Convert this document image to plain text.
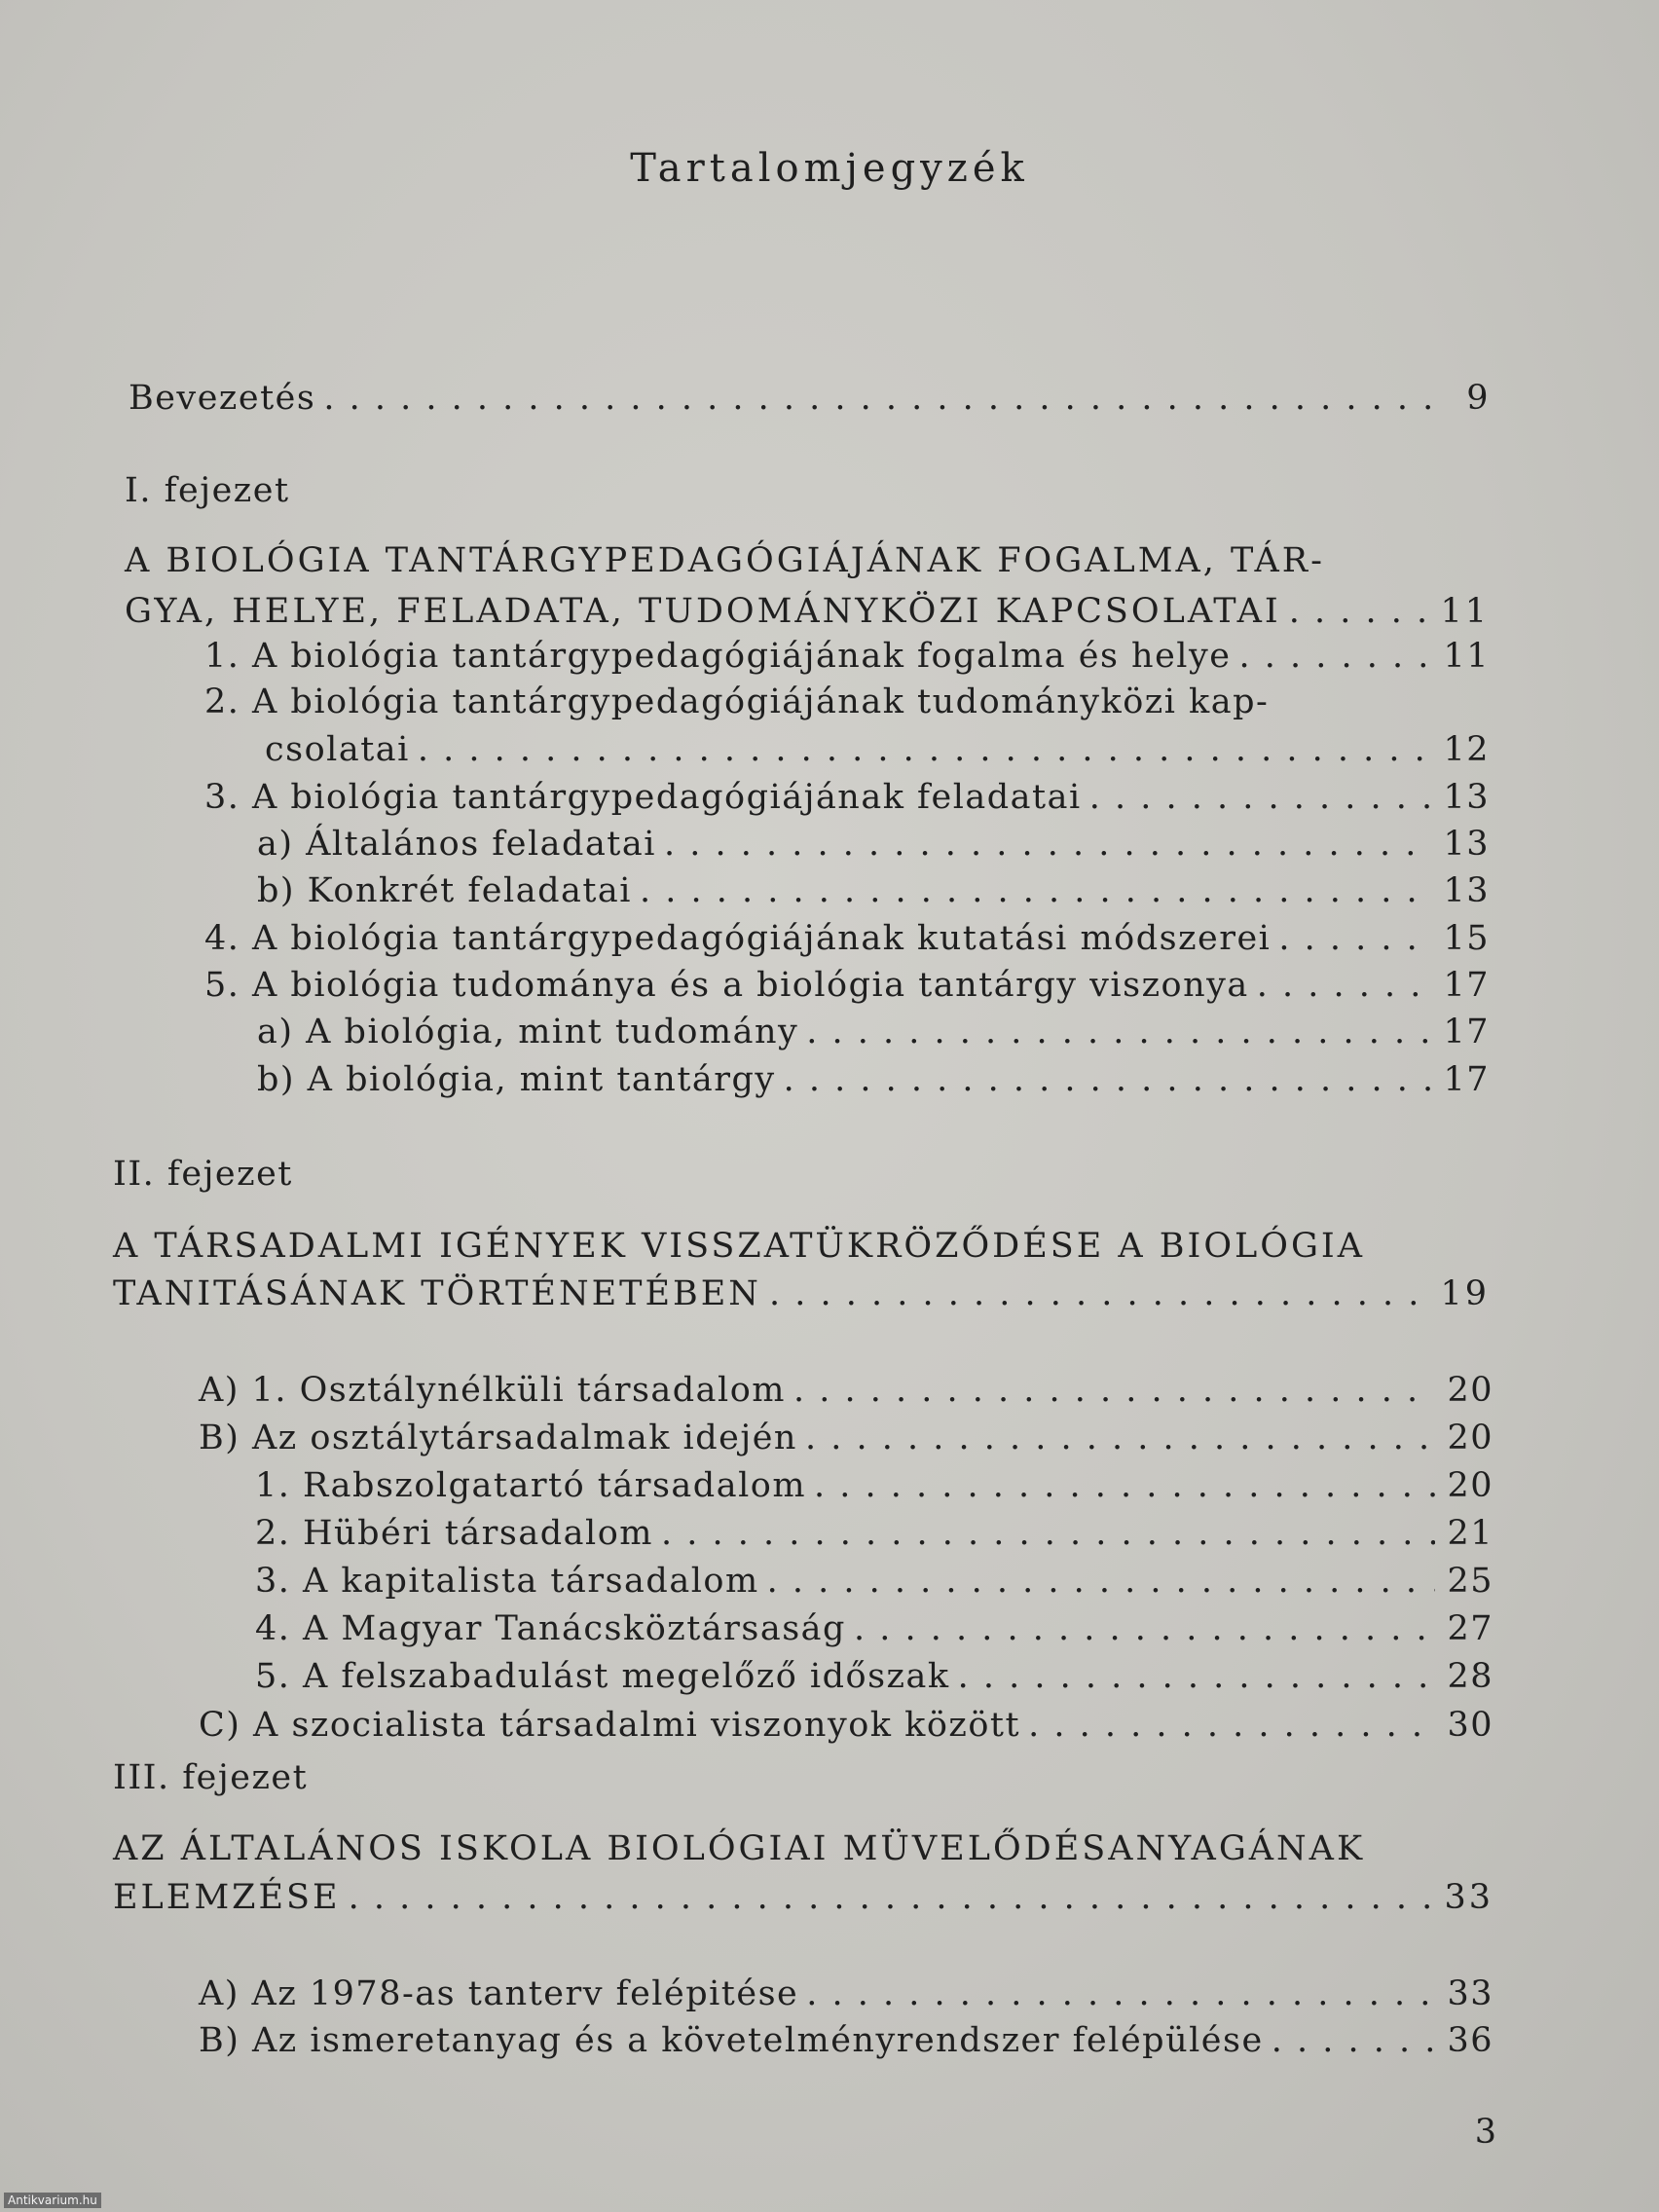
Tartalomjegyzék
Bevezetés . . .	9
I. fejezet
A BIOLÓGIA TANTÁRGYPEDAGÓGIÁJÁNAK FOGALMA, TÁR-
GYA, HELYE, FELADATA, TUDOMÁNYKÖZI KAPCSOLATAI . . .	11
1. A biológia tantárgypedagógiájának fogalma és helye . . .	11
2. A biológia tantárgypedagógiájának tudományközi kap-
csolatai . . .	12
3. A biológia tantárgypedagógiájának feladatai . . .	13
a) Általános feladatai . . .	13
b) Konkrét feladatai . . .	13
4. A biológia tantárgypedagógiájának kutatási módszerei . . .	15
5. A biológia tudománya és a biológia tantárgy viszonya . . .	17
a) A biológia, mint tudomány . . .	17
b) A biológia, mint tantárgy . . .	17
II. fejezet
A TÁRSADALMI IGÉNYEK VISSZATÜKRÖZŐDÉSE A BIOLÓGIA
TANITÁSÁNAK TÖRTÉNETÉBEN . . .	19
A) 1. Osztálynélküli társadalom . . .	20
B) Az osztálytársadalmak idején . . .	20
1. Rabszolgatartó társadalom . . .	20
2. Hübéri társadalom . . .	21
3. A kapitalista társadalom . . .	25
4. A Magyar Tanácsköztársaság . . .	27
5. A felszabadulást megelőző időszak . . .	28
C) A szocialista társadalmi viszonyok között . . .	30
III. fejezet
AZ ÁLTALÁNOS ISKOLA BIOLÓGIAI MÜVELŐDÉSANYAGÁNAK
ELEMZÉSE . . .	33
A) Az 1978-as tanterv felépitése . . .	33
B) Az ismeretanyag és a követelményrendszer felépülése . . .	36
3
Antikvarium.hu
